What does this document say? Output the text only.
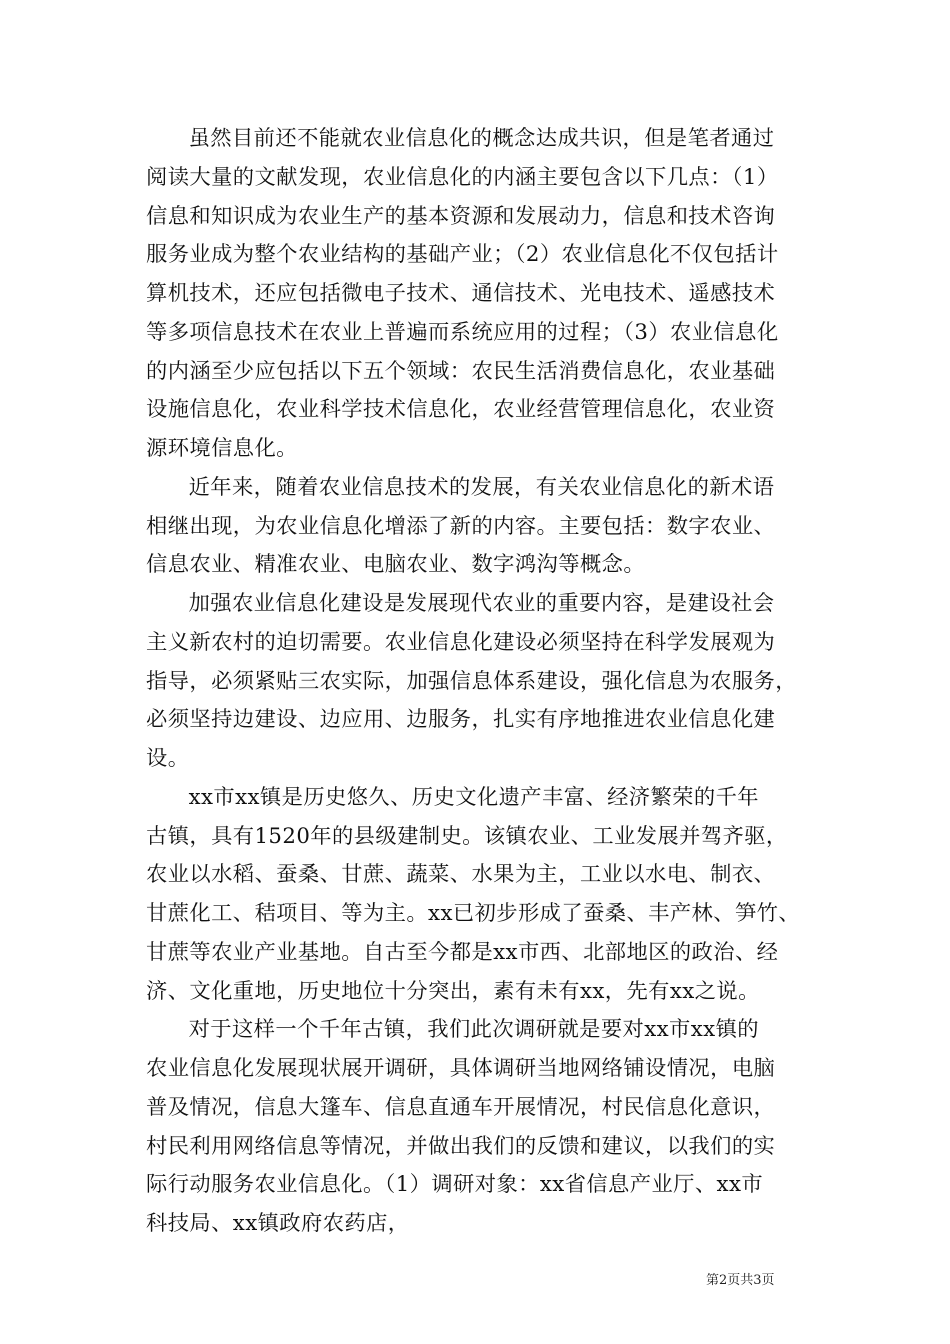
虽然目前还不能就农业信息化的概念达成共识，但是笔者通过
阅读大量的文献发现，农业信息化的内涵主要包含以下几点：（1）
信息和知识成为农业生产的基本资源和发展动力，信息和技术咨询
服务业成为整个农业结构的基础产业；（2）农业信息化不仅包括计
算机技术，还应包括微电子技术、通信技术、光电技术、遥感技术
等多项信息技术在农业上普遍而系统应用的过程；（3）农业信息化
的内涵至少应包括以下五个领域：农民生活消费信息化，农业基础
设施信息化，农业科学技术信息化，农业经营管理信息化，农业资
源环境信息化。

近年来，随着农业信息技术的发展，有关农业信息化的新术语
相继出现，为农业信息化增添了新的内容。主要包括：数字农业、
信息农业、精准农业、电脑农业、数字鸿沟等概念。

加强农业信息化建设是发展现代农业的重要内容，是建设社会
主义新农村的迫切需要。农业信息化建设必须坚持在科学发展观为
指导，必须紧贴三农实际，加强信息体系建设，强化信息为农服务，
必须坚持边建设、边应用、边服务，扎实有序地推进农业信息化建
设。

xx市xx镇是历史悠久、历史文化遗产丰富、经济繁荣的千年
古镇，具有1520年的县级建制史。该镇农业、工业发展并驾齐驱，
农业以水稻、蚕桑、甘蔗、蔬菜、水果为主，工业以水电、制衣、
甘蔗化工、秸项目、等为主。xx已初步形成了蚕桑、丰产林、笋竹、
甘蔗等农业产业基地。自古至今都是xx市西、北部地区的政治、经
济、文化重地，历史地位十分突出，素有未有xx，先有xx之说。

对于这样一个千年古镇，我们此次调研就是要对xx市xx镇的
农业信息化发展现状展开调研，具体调研当地网络铺设情况，电脑
普及情况，信息大篷车、信息直通车开展情况，村民信息化意识，
村民利用网络信息等情况，并做出我们的反馈和建议，以我们的实
际行动服务农业信息化。（1）调研对象：xx省信息产业厅、xx市
科技局、xx镇政府农药店，

第2页共3页
